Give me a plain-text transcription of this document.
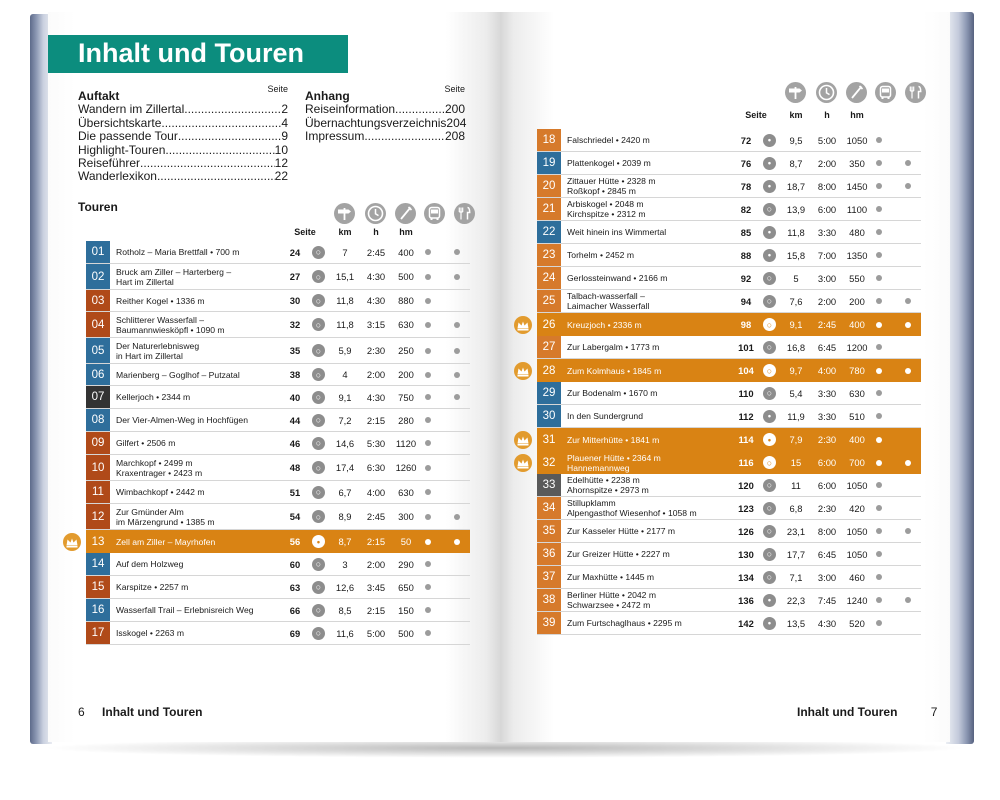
Inhalt und Touren
Auftakt	Seite
Wandern im Zillertal .....	2
Übersichtskarte .....	4
Die passende Tour .....	9
Highlight-Touren .....	10
Reiseführer .....	12
Wanderlexikon .....	22
Anhang	Seite
Reiseinformation .....	200
Übernachtungsverzeichnis 204
Impressum .....	208
Touren
Seite	km	h	hm
01	Rotholz – Maria Brettfall • 700 m	24	○	7	2:45	400
02	Bruck am Ziller – Harterberg –
Hart im Zillertal	27	○	15,1	4:30	500
03	Reither Kogel • 1336 m	30	○	11,8	4:30	880
04	Schlitterer Wasserfall –
Baumannwiesköpfl • 1090 m	32	○	11,8	3:15	630
05	Der Naturerlebnisweg
in Hart im Zillertal	35	○	5,9	2:30	250
06	Marienberg – Goglhof – Putzatal	38	○	4	2:00	200
07	Kellerjoch • 2344 m	40	○	9,1	4:30	750
08	Der Vier-Almen-Weg in Hochfügen	44	○	7,2	2:15	280
09	Gilfert • 2506 m	46	○	14,6	5:30	1120
10	Marchkopf • 2499 m
Kraxentrager • 2423 m	48	○	17,4	6:30	1260
11	Wimbachkopf • 2442 m	51	○	6,7	4:00	630
12	Zur Gmünder Alm
im Märzengrund • 1385 m	54	○	8,9	2:45	300
13	Zell am Ziller – Mayrhofen	56	•	8,7	2:15	50
14	Auf dem Holzweg	60	○	3	2:00	290
15	Karspitze • 2257 m	63	○	12,6	3:45	650
16	Wasserfall Trail – Erlebnisreich Weg	66	○	8,5	2:15	150
17	Isskogel • 2263 m	69	○	11,6	5:00	500
6 Inhalt und Touren
Seite	km	h	hm
18	Falschriedel • 2420 m	72	•	9,5	5:00	1050
19	Plattenkogel • 2039 m	76	•	8,7	2:00	350
20	Zittauer Hütte • 2328 m
Roßkopf • 2845 m	78	•	18,7	8:00	1450
21	Arbiskogel • 2048 m
Kirchspitze • 2312 m	82	○	13,9	6:00	1100
22	Weit hinein ins Wimmertal	85	•	11,8	3:30	480
23	Torhelm • 2452 m	88	•	15,8	7:00	1350
24	Gerlossteinwand • 2166 m	92	○	5	3:00	550
25	Talbach-wasserfall –
Laimacher Wasserfall	94	○	7,6	2:00	200
26	Kreuzjoch • 2336 m	98	○	9,1	2:45	400
27	Zur Labergalm • 1773 m	101	○	16,8	6:45	1200
28	Zum Kolmhaus • 1845 m	104	○	9,7	4:00	780
29	Zur Bodenalm • 1670 m	110	○	5,4	3:30	630
30	In den Sundergrund	112	•	11,9	3:30	510
31	Zur Mitterhütte • 1841 m	114	•	7,9	2:30	400
32	Plauener Hütte • 2364 m
Hannemannweg	116	○	15	6:00	700
33	Edelhütte • 2238 m
Ahornspitze • 2973 m	120	○	11	6:00	1050
34	Stillupklamm
Alpengasthof Wiesenhof • 1058 m	123	○	6,8	2:30	420
35	Zur Kasseler Hütte • 2177 m	126	○	23,1	8:00	1050
36	Zur Greizer Hütte • 2227 m	130	○	17,7	6:45	1050
37	Zur Maxhütte • 1445 m	134	○	7,1	3:00	460
38	Berliner Hütte • 2042 m
Schwarzsee • 2472 m	136	•	22,3	7:45	1240
39	Zum Furtschaglhaus • 2295 m	142	•	13,5	4:30	520
Inhalt und Touren	7
